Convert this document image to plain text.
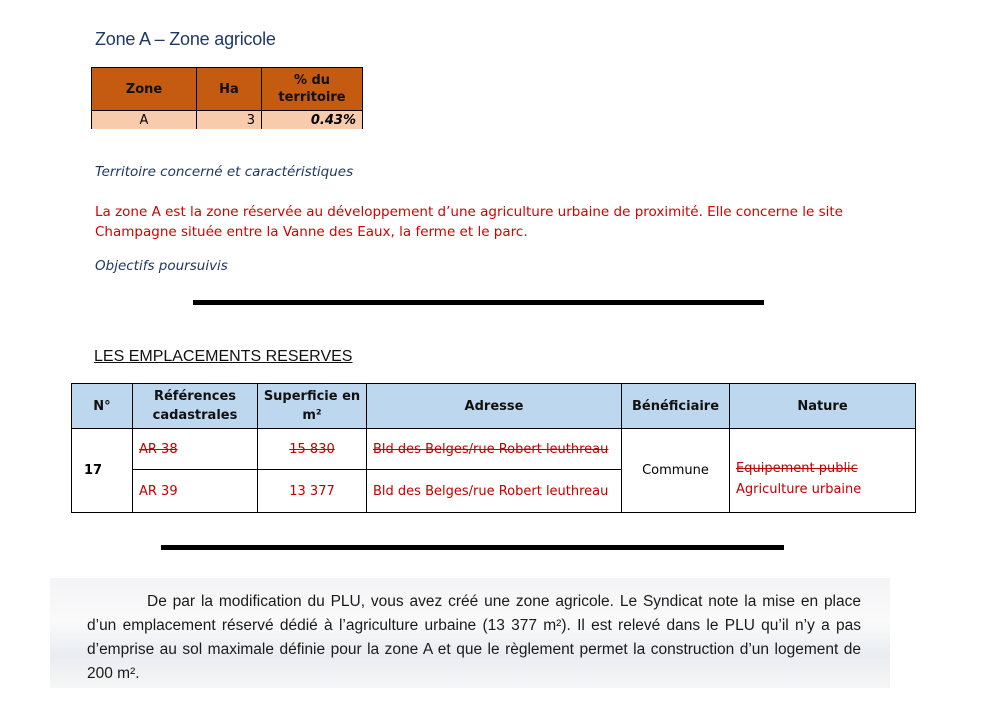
Zone A – Zone agricole
Zone	Ha	% du territoire
A	3	0.43%
Territoire concerné et caractéristiques
La zone A est la zone réservée au développement d’une agriculture urbaine de proximité. Elle concerne le site Champagne située entre la Vanne des Eaux, la ferme et le parc.
Objectifs poursuivis
LES EMPLACEMENTS RESERVES
N°	Références cadastrales	Superficie en m²	Adresse	Bénéficiaire	Nature
17	AR 38	15 830	Bld des Belges/rue Robert leuthreau	Commune	Equipement public
Agriculture urbaine

	AR 39	13 377	Bld des Belges/rue Robert leuthreau		
De par la modification du PLU, vous avez créé une zone agricole. Le Syndicat note la mise en place d’un emplacement réservé dédié à l’agriculture urbaine (13 377 m²). Il est relevé dans le PLU qu’il n’y a pas d’emprise au sol maximale définie pour la zone A et que le règlement permet la construction d’un logement de 200 m².
